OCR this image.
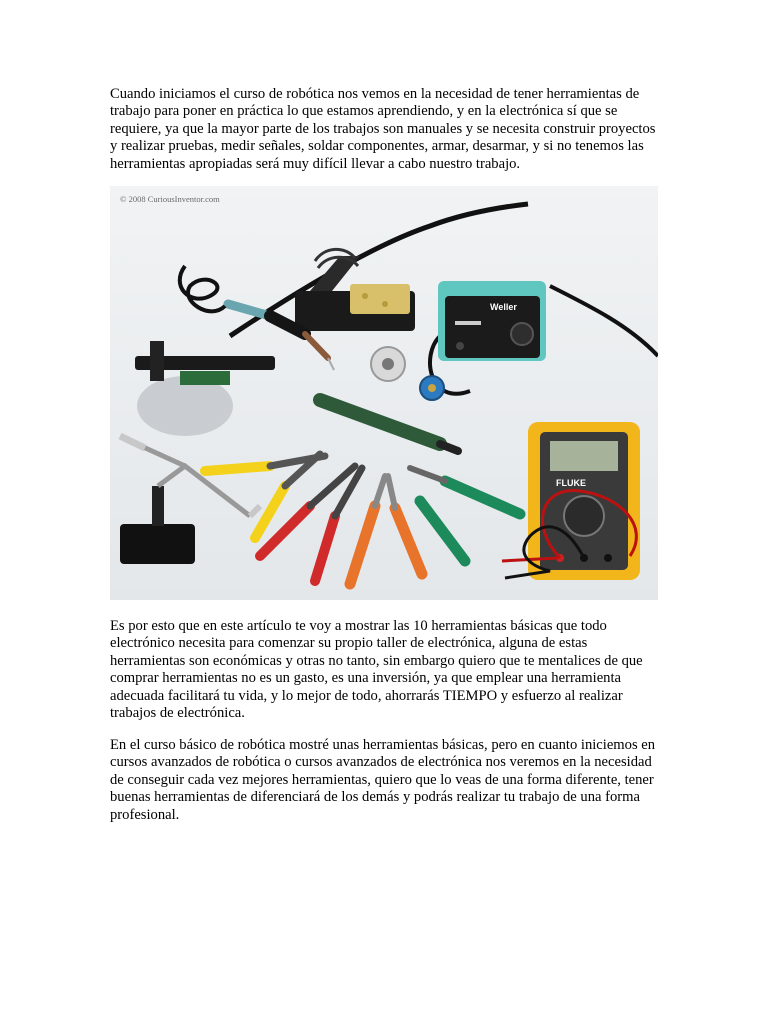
Cuando iniciamos el curso de robótica nos vemos en la necesidad de tener herramientas de trabajo para poner en práctica lo que estamos aprendiendo, y en la electrónica sí que se requiere, ya que la mayor parte de los trabajos son manuales y se necesita construir proyectos y realizar pruebas, medir señales, soldar componentes, armar, desarmar, y si no tenemos las herramientas apropiadas será muy difícil llevar a cabo nuestro trabajo.

© 2008 CuriousInventor.com
Weller
FLUKE

Es por esto que en este artículo te voy a mostrar las 10 herramientas básicas que todo electrónico necesita para comenzar su propio taller de electrónica, alguna de estas herramientas son económicas y otras no tanto, sin embargo quiero que te mentalices de que comprar herramientas no es un gasto, es una inversión, ya que emplear una herramienta adecuada facilitará tu vida, y lo mejor de todo, ahorrarás TIEMPO y esfuerzo al realizar trabajos de electrónica.

En el curso básico de robótica mostré unas herramientas básicas, pero en cuanto iniciemos en cursos avanzados de robótica o cursos avanzados de electrónica nos veremos en la necesidad de conseguir cada vez mejores herramientas, quiero que lo veas de una forma diferente, tener buenas herramientas de diferenciará de los demás y podrás realizar tu trabajo de una forma profesional.
